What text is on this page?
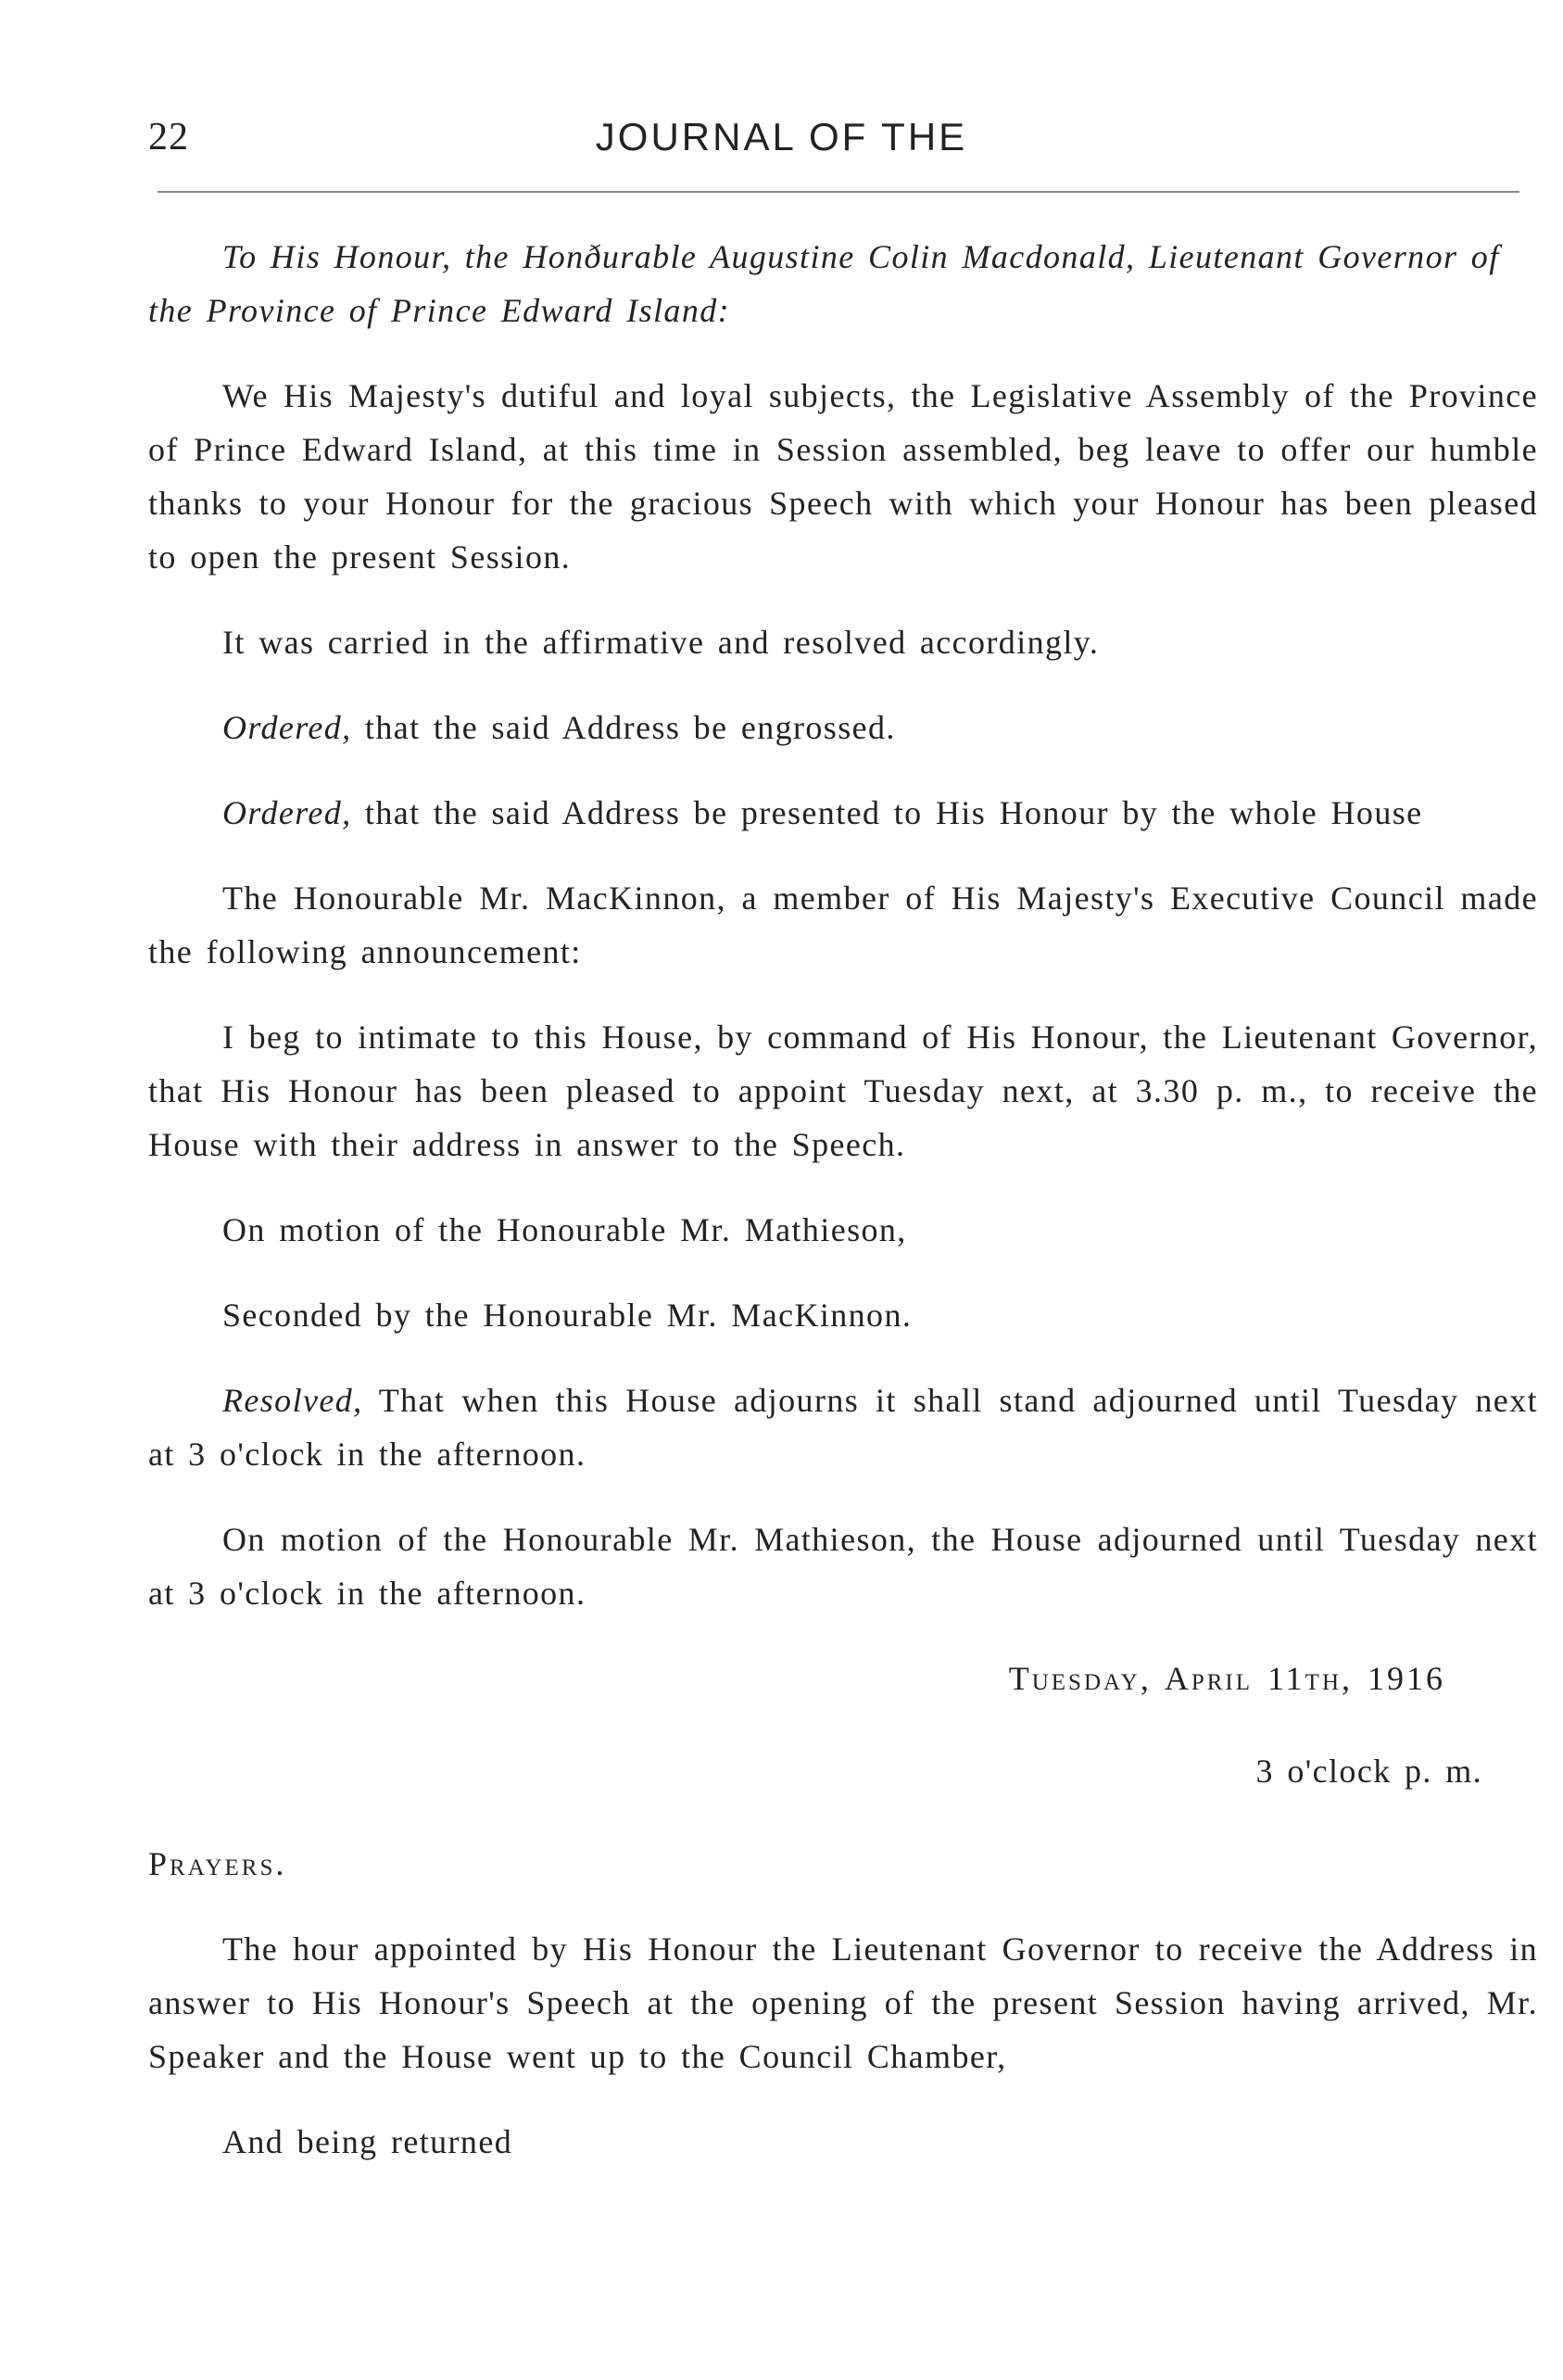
22	JOURNAL OF THE

To His Honour, the Honðurable Augustine Colin Macdonald, Lieutenant Governor of the Province of Prince Edward Island:

We His Majesty's dutiful and loyal subjects, the Legislative Assembly of the Province of Prince Edward Island, at this time in Session assembled, beg leave to offer our humble thanks to your Honour for the gracious Speech with which your Honour has been pleased to open the present Session.

It was carried in the affirmative and resolved accordingly.

Ordered, that the said Address be engrossed.

Ordered, that the said Address be presented to His Honour by the whole House

The Honourable Mr. MacKinnon, a member of His Majesty's Executive Council made the following announcement:

I beg to intimate to this House, by command of His Honour, the Lieutenant Governor, that His Honour has been pleased to appoint Tuesday next, at 3.30 p. m., to receive the House with their address in answer to the Speech.

On motion of the Honourable Mr. Mathieson,

Seconded by the Honourable Mr. MacKinnon.

Resolved, That when this House adjourns it shall stand adjourned until Tuesday next at 3 o'clock in the afternoon.

On motion of the Honourable Mr. Mathieson, the House adjourned until Tuesday next at 3 o'clock in the afternoon.

Tuesday, April 11th, 1916

3 o'clock p. m.

Prayers.

The hour appointed by His Honour the Lieutenant Governor to receive the Address in answer to His Honour's Speech at the opening of the present Session having arrived, Mr. Speaker and the House went up to the Council Chamber,

And being returned
